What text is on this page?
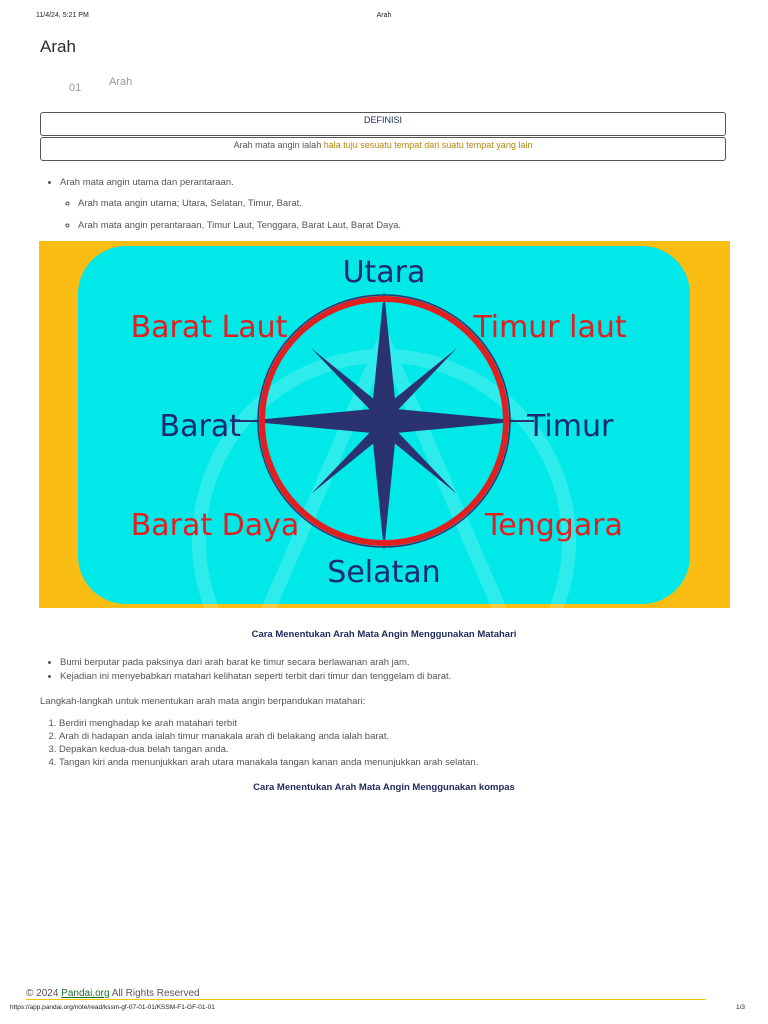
11/4/24, 5:21 PM	Arah
Arah
01	Arah
DEFINISI
Arah mata angin ialah hala tuju sesuatu tempat dari suatu tempat yang lain
• Arah mata angin utama dan perantaraan.
◦ Arah mata angin utama; Utara, Selatan, Timur, Barat.
◦ Arah mata angin perantaraan, Timur Laut, Tenggara, Barat Laut, Barat Daya.
Utara
Selatan
Timur
Barat
Timur laut
Barat Laut
Tenggara
Barat Daya
Cara Menentukan Arah Mata Angin Menggunakan Matahari
• Bumi berputar pada paksinya dari arah barat ke timur secara berlawanan arah jam.
• Kejadian ini menyebabkan matahari kelihatan seperti terbit dari timur dan tenggelam di barat.
Langkah-langkah untuk menentukan arah mata angin berpandukan matahari:
1. Berdiri menghadap ke arah matahari terbit
2. Arah di hadapan anda ialah timur manakala arah di belakang anda ialah barat.
3. Depakan kedua-dua belah tangan anda.
4. Tangan kiri anda menunjukkan arah utara manakala tangan kanan anda menunjukkan arah selatan.
Cara Menentukan Arah Mata Angin Menggunakan kompas
© 2024 Pandai.org All Rights Reserved
https://app.pandai.org/note/read/kssm-gf-07-01-01/KSSM-F1-GF-01-01	1/3
